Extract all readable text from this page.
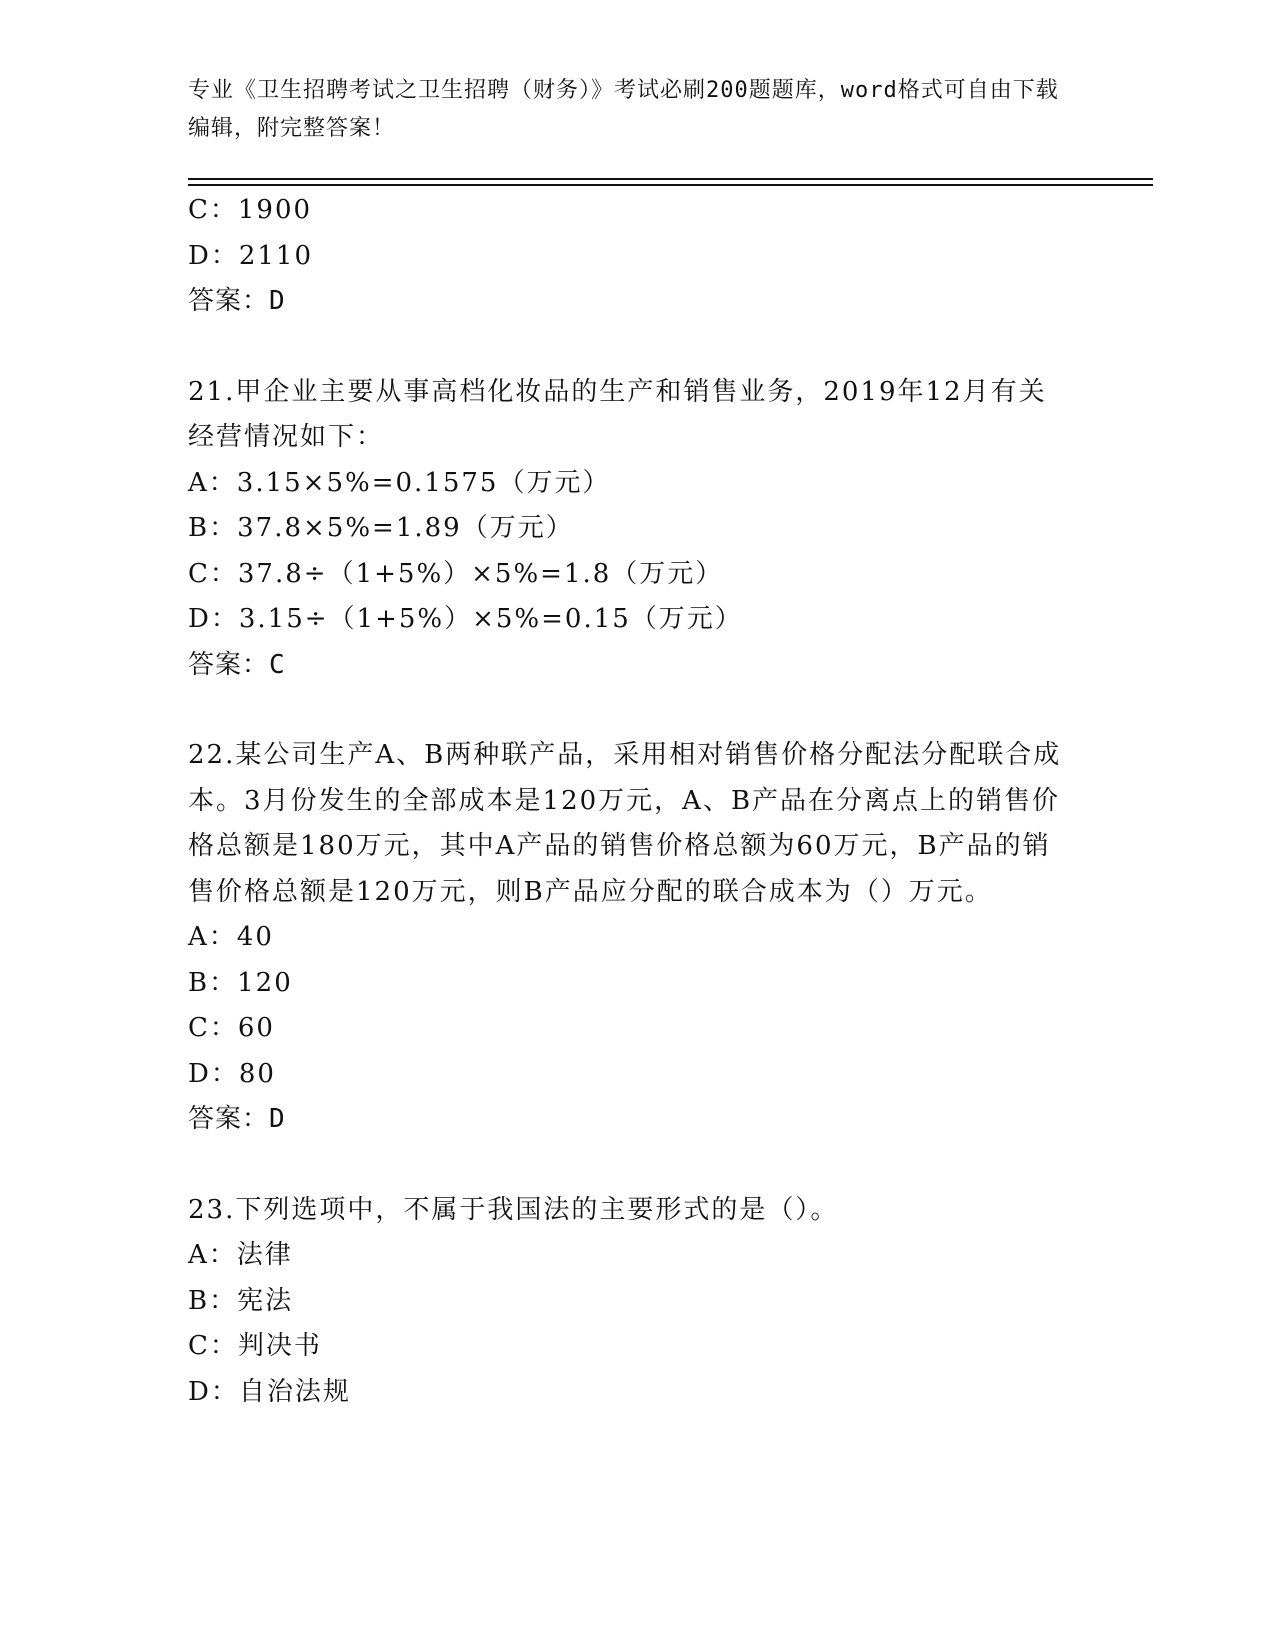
专业《卫生招聘考试之卫生招聘（财务）》考试必刷200题题库，word格式可自由下载编辑，附完整答案！
C：1900
D：2110
答案：D
21.甲企业主要从事高档化妆品的生产和销售业务，2019年12月有关经营情况如下：
A：3.15×5%=0.1575（万元）
B：37.8×5%=1.89（万元）
C：37.8÷（1+5%）×5%=1.8（万元）
D：3.15÷（1+5%）×5%=0.15（万元）
答案：C
22.某公司生产A、B两种联产品，采用相对销售价格分配法分配联合成本。3月份发生的全部成本是120万元，A、B产品在分离点上的销售价格总额是180万元，其中A产品的销售价格总额为60万元，B产品的销售价格总额是120万元，则B产品应分配的联合成本为（）万元。
A：40
B：120
C：60
D：80
答案：D
23.下列选项中，不属于我国法的主要形式的是（）。
A：法律
B：宪法
C：判决书
D：自治法规
